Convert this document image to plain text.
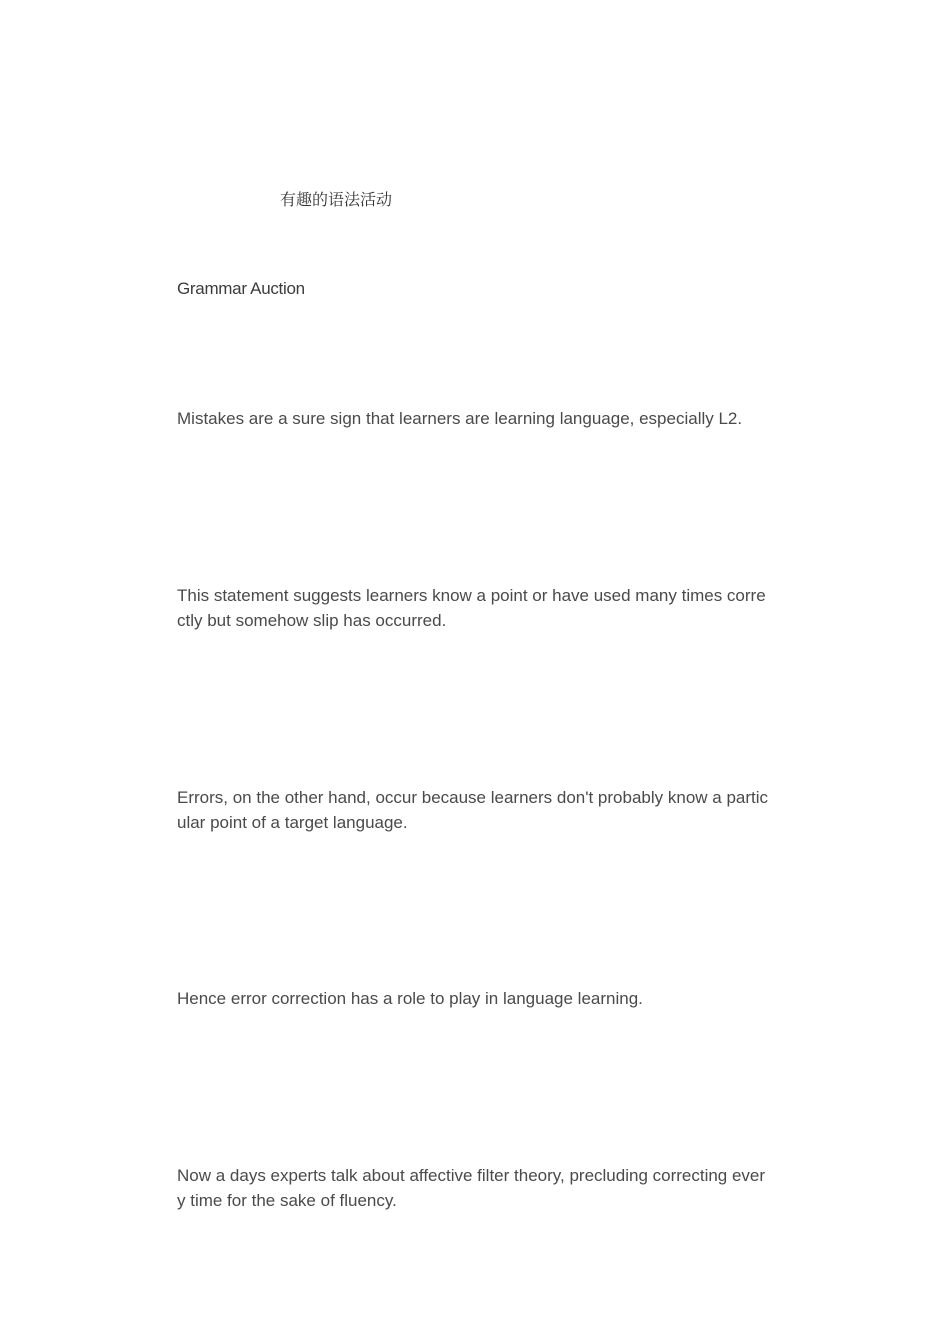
有趣的语法活动
Grammar Auction

Mistakes are a sure sign that learners are learning language, especially L2.

This statement suggests learners know a point or have used many times corre
ctly but somehow slip has occurred.

Errors, on the other hand, occur because learners don't probably know a partic
ular point of a target language.

Hence error correction has a role to play in language learning.

Now a days experts talk about affective filter theory, precluding correcting ever
y time for the sake of fluency.
